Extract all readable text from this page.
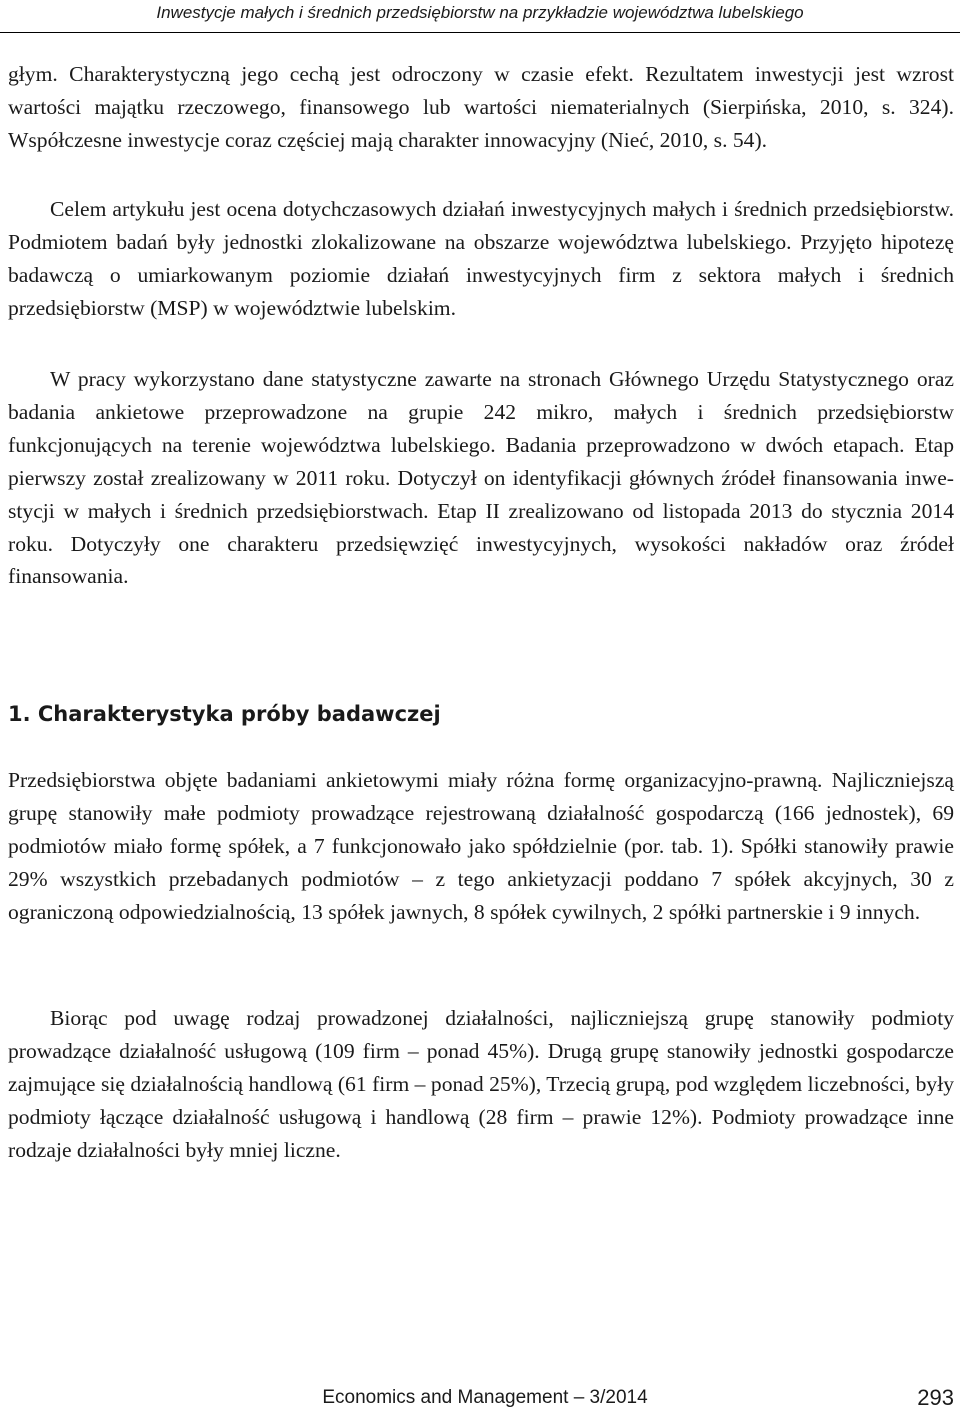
Inwestycje małych i średnich przedsiębiorstw na przykładzie województwa lubelskiego

głym. Charakterystyczną jego cechą jest odroczony w czasie efekt. Rezultatem inwestycji jest wzrost wartości majątku rzeczowego, finansowego lub wartości niematerialnych (Sierpińska, 2010, s. 324). Współczesne inwestycje coraz częściej mają charakter innowacyjny (Nieć, 2010, s. 54).

Celem artykułu jest ocena dotychczasowych działań inwestycyjnych małych i średnich przedsiębiorstw. Podmiotem badań były jednostki zlokalizowane na obszarze województwa lubelskiego. Przyjęto hipotezę badawczą o umiarkowanym poziomie działań inwestycyjnych firm z sektora małych i średnich przedsiębiorstw (MSP) w województwie lubelskim.

W pracy wykorzystano dane statystyczne zawarte na stronach Głównego Urzędu Statystycznego oraz badania ankietowe przeprowadzone na grupie 242 mikro, małych i średnich przedsiębiorstw funkcjonujących na terenie województwa lubelskiego. Badania przeprowadzono w dwóch etapach. Etap pierwszy został zrealizowany w 2011 roku. Dotyczył on identyfikacji głównych źródeł finansowania inwestycji w małych i średnich przedsiębiorstwach. Etap II zrealizowano od listopada 2013 do stycznia 2014 roku. Dotyczyły one charakteru przedsięwzięć inwestycyjnych, wysokości nakładów oraz źródeł finansowania.

1. Charakterystyka próby badawczej

Przedsiębiorstwa objęte badaniami ankietowymi miały różna formę organizacyjno-prawną. Najliczniejszą grupę stanowiły małe podmioty prowadzące rejestrowaną działalność gospodarczą (166 jednostek), 69 podmiotów miało formę spółek, a 7 funkcjonowało jako spółdzielnie (por. tab. 1). Spółki stanowiły prawie 29% wszystkich przebadanych podmiotów – z tego ankietyzacji poddano 7 spółek akcyjnych, 30 z ograniczoną odpowiedzialnością, 13 spółek jawnych, 8 spółek cywilnych, 2 spółki partnerskie i 9 innych.

Biorąc pod uwagę rodzaj prowadzonej działalności, najliczniejszą grupę stanowiły podmioty prowadzące działalność usługową (109 firm – ponad 45%). Drugą grupę stanowiły jednostki gospodarcze zajmujące się działalnością handlową (61 firm – ponad 25%), Trzecią grupą, pod względem liczebności, były podmioty łączące działalność usługową i handlową (28 firm – prawie 12%). Podmioty prowadzące inne rodzaje działalności były mniej liczne.

Economics and Management – 3/2014	293
